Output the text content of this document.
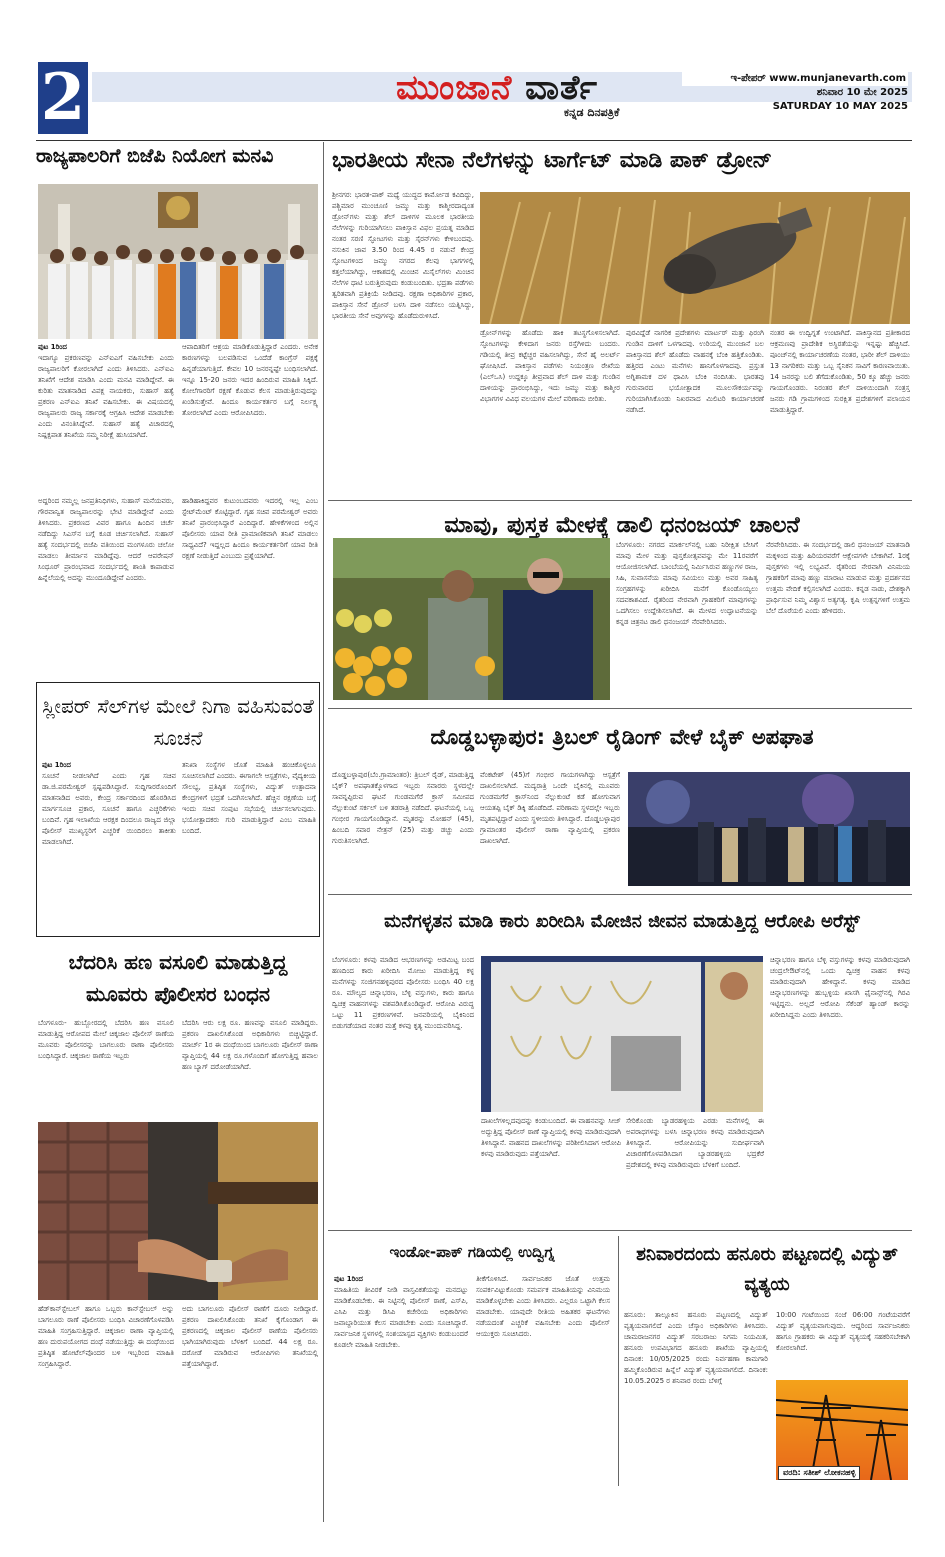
2	ಮುಂಜಾನೆ ವಾರ್ತೆ
ಕನ್ನಡ ದಿನಪತ್ರಿಕೆ
ಇ-ಪೇಪರ್ www.munjanevarth.com
ಶನಿವಾರ 10 ಮೇ 2025
SATURDAY 10 MAY 2025
ರಾಜ್ಯಪಾಲರಿಗೆ ಬಿಜೆಪಿ ನಿಯೋಗ ಮನವಿ
ಪುಟ 1ರಿಂದ

ಇದಾಗ್ಯೂ ಪ್ರಕರಣವನ್ನು ಎನ್‌ಐಎಗೆ ವಹಿಸಬೇಕು ಎಂದು ರಾಜ್ಯಪಾಲರಿಗೆ ಕೋರಲಾಗಿದೆ ಎಂದು ತಿಳಿಸಿದರು. ಎನ್‌ಐಎ ತನಿಖೆಗೆ ಆದೇಶ ಮಾಡಿಸಿ ಎಂದು ಮನವಿ ಮಾಡಿದ್ದೇವೆ. ಈ ಕುರಿತು ಮಾತನಾಡಿದ ವಿಪಕ್ಷ ನಾಯಕರು, ಸುಹಾಸ್ ಹತ್ಯೆ ಪ್ರಕರಣ ಎನ್‌ಐಎ ತನಿಖೆ ವಹಿಸಬೇಕು. ಈ ವಿಷಯದಲ್ಲಿ ರಾಜ್ಯಪಾಲರು ರಾಜ್ಯ ಸರ್ಕಾರಕ್ಕೆ ಆಗ್ರಹಿಸಿ ಆದೇಶ ಮಾಡಬೇಕು ಎಂದು ವಿನಂತಿಸಿದ್ದೇವೆ. ಸುಹಾಸ್ ಹತ್ಯೆ ವಿಚಾರದಲ್ಲಿ ನಿಷ್ಪಕ್ಷಪಾತ ತನಿಖೆಯ ಸಮ್ಮ ನಿರೀಕ್ಷೆ ಹುಸಿಯಾಗಿದೆ.

ಆಪಾದಿತರಿಗೆ ಆಶ್ರಯ ಮಾಡಿಕೊಡುತ್ತಿದ್ದಾರೆ ಎಂದರು. ಅನೇಕ ಕಾರಣಗಳನ್ನು ಬಲಪಡಿಸುವ ಒಂದೆಡೆ ಕಾಂಗ್ರೆಸ್ ಪಕ್ಷಕ್ಕೆ ಹಿನ್ನಡೆಯಾಗುತ್ತಿದೆ. ಕೇವಲ 10 ಜನರನ್ನಷ್ಟೇ ಬಂಧಿಸಲಾಗಿದೆ. ಇನ್ನೂ 15-20 ಜನರು ಇದರ ಹಿಂದಿರುವ ಮಾಹಿತಿ ಸಿಕ್ಕಿದೆ. ಕೋಲೆಗಾರರಿಗೆ ರಕ್ಷಣೆ ಕೊಡುವ ಕೆಲಸ ಮಾಡುತ್ತಿರುವುದನ್ನು ಖಂಡಿಸುತ್ತೇವೆ. ಹಿಂದೂ ಕಾರ್ಯಕರ್ತರ ಬಗ್ಗೆ ನಿರ್ಲಕ್ಷ್ಯ ತೋರಲಾಗಿದೆ ಎಂದು ಆರೋಪಿಸಿದರು.

ಅದ್ದರಿಂದ ನಮ್ಮಲ್ಲ ಜನಪ್ರತಿನಿಧಿಗಳು, ಸುಹಾಸ್ ಮನೆಯವರು, ಗೌರವಾನ್ವಿತ ರಾಜ್ಯಪಾಲರನ್ನು ಭೇಟಿ ಮಾಡಿದ್ದೇವೆ ಎಂದು ತಿಳಿಸಿದರು. ಪ್ರಕರಣದ ವಿವರ ಹಾಗೂ ಹಿಂದಿನ ಚರ್ಚೆ ನಡೆದಿದ್ದು ಸಿಎಸ್‌ನ ಬಗ್ಗೆ ಕೂಡ ಚರ್ಚಿಸಲಾಗಿದೆ. ಸುಹಾಸ್ ಹತ್ಯೆ ಸಂದರ್ಭದಲ್ಲಿ ಬಿಜೆಪಿ ವತಿಯಿಂದ ಮಂಗಳೂರು ಚಲೋ ಮಾಡಲು ತೀರ್ಮಾನ ಮಾಡಿದ್ದೆವು. ಆದರೆ ಆಪರೇಷನ್ ಸಿಂಧೂರ್ ಪ್ರಾರಂಭವಾದ ಸಂದರ್ಭದಲ್ಲಿ ಶಾಂತಿ ಕಾಪಾಡುವ ಹಿನ್ನೆಲೆಯಲ್ಲಿ ಅದನ್ನು ಮುಂದೂಡಿದ್ದೇವೆ ಎಂದರು.

ಹಾಡಿಹಾಕಿದ್ದವರ ಕುಟುಂಬದವರು ಇದರಲ್ಲಿ ಇಲ್ಲ ಎಂಬ ಸ್ಟೇಟ್‌ಮೆಂಟ್ ಕೊಟ್ಟಿದ್ದಾರೆ. ಗೃಹ ಸಚಿವ ಪರಮೇಶ್ವರ್ ಅವರು ತನಿಖೆ ಪ್ರಾರಂಭಿಸಿದ್ದಾರೆ ಎಂದಿದ್ದಾರೆ. ಹೇಳಿಕೆಗಳಿಂದ ಅಲ್ಲಿನ ಪೊಲೀಸರು ಯಾವ ರೀತಿ ಪ್ರಾಮಾಣಿಕವಾಗಿ ತನಿಖೆ ಮಾಡಲು ಸಾಧ್ಯವಿದೆ? ಇದ್ದಲ್ಲದ ಹಿಂದೂ ಕಾರ್ಯಕರ್ತರಿಗೆ ಯಾವ ರೀತಿ ರಕ್ಷಣೆ ನೀಡುತ್ತಿದೆ ಎಂಬುದು ಪ್ರಶ್ನೆಯಾಗಿದೆ.

ಸ್ಲೀಪರ್ ಸೆಲ್‌ಗಳ ಮೇಲೆ ನಿಗಾ ವಹಿಸುವಂತೆ ಸೂಚನೆ
ಪುಟ 1ರಿಂದ

ಸೂಚನೆ ನೀಡಲಾಗಿದೆ ಎಂದು ಗೃಹ ಸಚಿವ ಡಾ.ಜಿ.ಪರಮೇಶ್ವರ್ ಸ್ಪಷ್ಟಪಡಿಸಿದ್ದಾರೆ. ಸುದ್ದಿಗಾರರೊಂದಿಗೆ ಮಾತನಾಡಿದ ಅವರು, ಕೇಂದ್ರ ಸರ್ಕಾರದಿಂದ ಹೊರಡಿಸಿದ ಮಾರ್ಗಸೂಚಿ ಪ್ರಕಾರ, ಸೂಚನೆ ಹಾಗೂ ಎಚ್ಚರಿಕೆಗಳು ಬಂದಿವೆ. ಗೃಹ ಇಲಾಖೆಯ ಆರಕ್ಷಕ ದಿಂದಲೂ ರಾಜ್ಯದ ಜಿಲ್ಲಾ ಪೊಲೀಸ್ ಮುಖ್ಯಸ್ಥರಿಗೆ ಎಚ್ಚರಿಕೆ ಯಿಂದಿರಲು ತಾಕೀತು ಮಾಡಲಾಗಿದೆ.

ತನಿಖಾ ಸಂಸ್ಥೆಗಳ ಜೊತೆ ಮಾಹಿತಿ ಹಂಚಿಕೊಳ್ಳಲೂ ಸೂಚಿಸಲಾಗಿದೆ ಎಂದರು. ಈಗಾಗಲೇ ಆಸ್ಪತ್ರೆಗಳು, ವೈದ್ಯಕೀಯ ಸೌಲಭ್ಯ, ಪ್ರತಿಷ್ಠಿತ ಸಂಸ್ಥೆಗಳು, ವಿದ್ಯುತ್ ಉತ್ಪಾದನಾ ಕೇಂದ್ರಗಳಿಗೆ ಭದ್ರತೆ ಒದಗಿಸಲಾಗಿದೆ. ಹೆಚ್ಚಿನ ರಕ್ಷಣೆಯ ಬಗ್ಗೆ ಇಂದು ಸಚಿವ ಸಂಪುಟ ಸಭೆಯಲ್ಲಿ ಚರ್ಚಿಸಲಾಗುವುದು. ಭಯೋತ್ಪಾದಕರು ಗುರಿ ಮಾಡುತ್ತಿದ್ದಾರೆ ಎಂಬ ಮಾಹಿತಿ ಬಂದಿದೆ.

ಬೆದರಿಸಿ ಹಣ ವಸೂಲಿ ಮಾಡುತ್ತಿದ್ದ ಮೂವರು ಪೊಲೀಸರ ಬಂಧನ

ಬೆಂಗಳೂರು- ಹುಬ್ಬೋರದಲ್ಲಿ ಬೆದರಿಸಿ ಹಣ ವಸೂಲಿ ಮಾಡುತ್ತಿದ್ದ ಆರೋಪದ ಮೇಲೆ ಚಿಕ್ಕಜಾಲ ಪೊಲೀಸ್ ಠಾಣೆಯ ಮೂವರು ಪೊಲೀಸರನ್ನು ಬಾಗಲೂರು ಠಾಣಾ ಪೊಲೀಸರು ಬಂಧಿಸಿದ್ದಾರೆ. ಚಿಕ್ಕಜಾಲ ಠಾಣೆಯ ಇಬ್ಬರು

ಬೆದರಿಸಿ ಆರು ಲಕ್ಷ ರೂ. ಹಣವನ್ನು ವಸೂಲಿ ಮಾಡಿದ್ದರು. ಪ್ರಕರಣ ದಾಖಲಿಸಿಕೊಂಡ ಅಧಿಕಾರಿಗಳು ಬಿಚ್ಚಿಟ್ಟಿದ್ದಾರೆ. ಮಾರ್ಚ್ 1ರ ಈ ದಂಧೆಯಿಂದ ಬಾಗಲೂರು ಪೊಲೀಸ್ ಠಾಣಾ ವ್ಯಾಪ್ತಿಯಲ್ಲಿ 44 ಲಕ್ಷ ರೂ.ಗಳೊಂದಿಗೆ ಹೋಗುತ್ತಿದ್ದ ಹವಾಲ ಹಣ ಬ್ಯಾಗ್ ದರೋಡೆಯಾಗಿದೆ.

ಹೆಡ್‌ಕಾನ್‌ಸ್ಟೇಬಲ್ ಹಾಗೂ ಒಬ್ಬರು ಕಾನ್‌ಸ್ಟೇಬಲ್ ಅನ್ನು ಬಾಗಲೂರು ಠಾಣೆ ಪೊಲೀಸರು ಬಂಧಿಸಿ ವಿಚಾರಣೆಗೊಳಪಡಿಸಿ ಮಾಹಿತಿ ಸಂಗ್ರಹಿಸುತ್ತಿದ್ದಾರೆ. ಚಿಕ್ಕಜಾಲ ಠಾಣಾ ವ್ಯಾಪ್ತಿಯಲ್ಲಿ ಹಣ ದುರುಪಯೋಗದ ದಂಧೆ ನಡೆಯುತ್ತಿದ್ದು ಈ ದಂಧೆಯಿಂದ ಪ್ರತಿಷ್ಠಿತ ಹೋಟೆಲ್‌ವೊಂದರ ಬಳಿ ಇಬ್ಬರಿಂದ ಮಾಹಿತಿ ಸಂಗ್ರಹಿಸಿದ್ದಾರೆ.

ಅದು ಬಾಗಲೂರು ಪೊಲೀಸ್ ಠಾಣೆಗೆ ದೂರು ನೀಡಿದ್ದಾರೆ. ಪ್ರಕರಣ ದಾಖಲಿಸಿಕೊಂಡು ತನಿಖೆ ಕೈಗೊಂಡಾಗ ಈ ಪ್ರಕರಣದಲ್ಲಿ ಚಿಕ್ಕಜಾಲ ಪೊಲೀಸ್ ಠಾಣೆಯ ಪೊಲೀಸರು ಭಾಗಿಯಾಗಿರುವುದು ಬೆಳಕಿಗೆ ಬಂದಿದೆ. 44 ಲಕ್ಷ ರೂ. ದರೋಡೆ ಮಾಡಿರುವ ಆರೋಪಿಗಳು ತನಿಖೆಯಲ್ಲಿ ಪತ್ತೆಯಾಗಿದ್ದಾರೆ.

ಭಾರತೀಯ ಸೇನಾ ನೆಲೆಗಳನ್ನು ಟಾರ್ಗೆಟ್ ಮಾಡಿ ಪಾಕ್ ಡ್ರೋನ್

ಶ್ರೀನಗರ: ಭಾರತ-ಪಾಕ್ ಮಧ್ಯೆ ಯುದ್ಧದ ಕಾರ್ಮೋಡ ಕವಿದಿದ್ದು, ಪಶ್ಚಿಮಾರ ಮುಂಚೂಣಿ ಜಮ್ಮು ಮತ್ತು ಕಾಶ್ಮೀರದಾದ್ಯಂತ ಡ್ರೋನ್‌ಗಳು ಮತ್ತು ಶೆಲ್ ದಾಳಿಗಳ ಮೂಲಕ ಭಾರತೀಯ ನೆಲೆಗಳನ್ನು ಗುರಿಯಾಗಿಸಲು ಪಾಕಿಸ್ತಾನ ವಿಫಲ ಪ್ರಯತ್ನ ಮಾಡಿದ ನಂತರ ಸರಣಿ ಸ್ಫೋಟಗಳು ಮತ್ತು ಸೈರನ್‌ಗಳು ಕೇಳಿಬಂದವು. ನಸುಕಿನ ಜಾವ 3.50 ರಿಂದ 4.45 ರ ನಡುವೆ ಕೇಂದ್ರ ಸ್ಫೋಟಗಳಿಂದ ಜಮ್ಮು ನಗರದ ಕೆಲವು ಭಾಗಗಳಲ್ಲಿ ಕತ್ತಲೆಯಾಗಿದ್ದು, ಆಕಾಶದಲ್ಲಿ ಮಿಂಚಿನ ಮಿಸೈಲ್‌ಗಳು ಮಿಂಚಿನ ನೆಲೆಗಳ ಧಾಟಿ ಬರುತ್ತಿರುವುದು ಕಂಡುಬಂದಿತು. ಭದ್ರತಾ ಪಡೆಗಳು ತ್ವರಿತವಾಗಿ ಪ್ರತಿಕ್ರಿಯೆ ನೀಡಿದವು. ರಕ್ಷಣಾ ಅಧಿಕಾರಿಗಳ ಪ್ರಕಾರ, ಪಾಕಿಸ್ತಾನ ಸೇನೆ ಡ್ರೋನ್ ಬಳಸಿ ದಾಳಿ ನಡೆಸಲು ಯತ್ನಿಸಿದ್ದು, ಭಾರತೀಯ ಸೇನೆ ಅವುಗಳನ್ನು ಹೊಡೆದುರುಳಿಸಿದೆ.

ಡ್ರೋನ್‌ಗಳನ್ನು ಹೊಡೆದು ಹಾಕಿ ತಟಸ್ಥಗೊಳಿಸಲಾಗಿದೆ. ಸ್ಫೋಟಗಳನ್ನು ಕೇಳಿದಾಗ ಜನರು ರಸ್ತೆಗಿಳಿದು ಬಂದರು. ಗಡಿಯಲ್ಲಿ ತೀವ್ರ ಕಟ್ಟೆಚ್ಚರ ವಹಿಸಲಾಗಿದ್ದು, ಸೇನೆ ಹೈ ಅಲರ್ಟ್ ಘೋಷಿಸಿದೆ. ಪಾಕಿಸ್ತಾನ ಪಡೆಗಳು ನಿಯಂತ್ರಣ ರೇಖೆಯ (ಎಲ್‌ಒಸಿ) ಉದ್ದಕ್ಕೂ ತೀವ್ರವಾದ ಶೆಲ್ ದಾಳಿ ಮತ್ತು ಗುಂಡಿನ ದಾಳಿಯನ್ನು ಪ್ರಾರಂಭಿಸಿದ್ದು, ಇದು ಜಮ್ಮು ಮತ್ತು ಕಾಶ್ಮೀರ ವಿಭಾಗಗಳ ವಿವಿಧ ವಲಯಗಳ ಮೇಲೆ ಪರಿಣಾಮ ಬೀರಿತು.

ಪುರವಿದ್ದೆಡೆ ನಾಗರಿಕ ಪ್ರದೇಶಗಳು ಮಾರ್ಟರ್ ಮತ್ತು ಫಿರಂಗಿ ಗುಂಡಿನ ದಾಳಿಗೆ ಒಳಗಾದವು. ಉರಿಯಲ್ಲಿ ಮುಂಜಾನೆ ಬಲ ಪಾಕಿಸ್ತಾನದ ಶೆಲ್ ಹೊಡೆದು ವಾಹನಕ್ಕೆ ಬೆಂಕಿ ಹತ್ತಿಕೊಂಡಿತು. ಹತ್ತಿರದ ಎಂಟು ಮನೆಗಳು ಹಾನಿಗೊಳಗಾದವು. ಪ್ರಸ್ತುತ ಅಗ್ನಿಶಾಮಕ ದಳ ಧಾವಿಸಿ ಬೆಂಕಿ ನಂದಿಸಿತು. ಭಾರತವು ಗುರುವಾರದ ಭಯೋತ್ಪಾದಕ ಮೂಲಸೌಕರ್ಯವನ್ನು ಗುರಿಯಾಗಿಸಿಕೊಂಡು ನಿಖರವಾದ ಮಿಲಿಟರಿ ಕಾರ್ಯಾಚರಣೆ ನಡೆಸಿದೆ.

ನಂತರ ಈ ಉದ್ವಿಗ್ನತೆ ಉಂಟಾಗಿದೆ. ಪಾಕಿಸ್ತಾನದ ಪ್ರತೀಕಾರದ ಆಕ್ರಮಣವು ಪ್ರಾದೇಶಿಕ ಅಸ್ಥಿರತೆಯನ್ನು ಇನ್ನಷ್ಟು ಹೆಚ್ಚಿಸಿದೆ. ಪೂಂಚ್‌ನಲ್ಲಿ ಕಾರ್ಯಾಚರಣೆಯ ನಂತರ, ಭಾರೀ ಶೆಲ್ ದಾಳಿಯು 13 ನಾಗರಿಕರು ಮತ್ತು ಒಬ್ಬ ಸೈನಿಕನ ಸಾವಿಗೆ ಕಾರಣವಾಯಿತು. 14 ಜನರನ್ನು ಬಲಿ ತೆಗೆದುಕೊಂಡಿತು, 50 ಕ್ಕೂ ಹೆಚ್ಚು ಜನರು ಗಾಯಗೊಂಡರು. ನಿರಂತರ ಶೆಲ್ ದಾಳಿಯಿಂದಾಗಿ ಸಂತ್ರಸ್ತ ಜನರು ಗಡಿ ಗ್ರಾಮಗಳಿಂದ ಸುರಕ್ಷಿತ ಪ್ರದೇಶಗಳಿಗೆ ಪಲಾಯನ ಮಾಡುತ್ತಿದ್ದಾರೆ.

ಮಾವು, ಪುಸ್ತಕ ಮೇಳಕ್ಕೆ ಡಾಲಿ ಧನಂಜಯ್ ಚಾಲನೆ

ಬೆಂಗಳೂರು: ನಗರದ ಮಾರ್ಕಲ್‌ನಲ್ಲಿ ಬಹು ನಿರೀಕ್ಷಿತ ಬೇಸಿಗೆ ಮಾವು ಮೇಳ ಮತ್ತು ಪುಸ್ತಕೋತ್ಸವವನ್ನು ಮೇ 11ರವರೆಗೆ ಆಯೋಜಿಸಲಾಗಿದೆ. ಬಾಂಬೆಯಲ್ಲಿ ನಿರ್ಮಿಸಿರುವ ಹಣ್ಣುಗಳ ರಾಜ, ಸಿಹಿ, ಸುವಾಸನೆಯ ಮಾವು ಸವಿಯಲು ಮತ್ತು ಅವರ ಸಾಹಿತ್ಯ ಸಂಗ್ರಹಗಳನ್ನು ಖರೀದಿಸಿ ಮನೆಗೆ ಕೊಂಡೊಯ್ಯಲು ಸದವಕಾಶವಿದೆ. ರೈತರಿಂದ ನೇರವಾಗಿ ಗ್ರಾಹಕರಿಗೆ ಮಾವುಗಳನ್ನು ಒದಗಿಸಲು ಉದ್ದೇಶಿಸಲಾಗಿದೆ. ಈ ಮೇಳದ ಉದ್ಘಾಟನೆಯನ್ನು ಕನ್ನಡ ಚಿತ್ರನಟ ಡಾಲಿ ಧನಂಜಯ್ ನೆರವೇರಿಸಿದರು.

ನೆರವೇರಿಸಿದರು. ಈ ಸಂದರ್ಭದಲ್ಲಿ ಡಾಲಿ ಧನಂಜಯ್ ಮಾತನಾಡಿ ಮಕ್ಕಳಿಂದ ಮತ್ತು ಹಿರಿಯರವರೆಗೆ ಆಕ್ಷೇಪಗಳೇ ಬೇಕಾಗಿವೆ. 1ರಕ್ಕೆ ಪುಸ್ತಕಗಳು ಇಲ್ಲಿ ಲಭ್ಯವಿವೆ. ರೈತರಿಂದ ನೇರವಾಗಿ ವಿನಿಮಯ ಗ್ರಾಹಕರಿಗೆ ಮಾವು ಹಣ್ಣು ಮಾರಾಟ ಮಾಡುವ ಮತ್ತು ಪ್ರದರ್ಶನದ ಉತ್ತಮ ವೇದಿಕೆ ಕಲ್ಪಿಸಲಾಗಿದೆ ಎಂದರು. ಕನ್ನಡ ನಾಡು, ದೇಶಕ್ಕಾಗಿ ಪ್ರಾರ್ಥಿಸುವ ನಿಮ್ಮ ವಿಶ್ವಾಸ ಅತ್ಯಗತ್ಯ. ಕೃಷಿ ಉತ್ಪನ್ನಗಳಿಗೆ ಉತ್ತಮ ಬೆಲೆ ದೊರೆಯಲಿ ಎಂದು ಹೇಳಿದರು.

ದೊಡ್ಡಬಳ್ಳಾಪುರ: ತ್ರಿಬಲ್ ರೈಡಿಂಗ್ ವೇಳೆ ಬೈಕ್ ಅಪಘಾತ

ದೊಡ್ಡಬಳ್ಳಾಪುರ(ಬೆಂ.ಗ್ರಾಮಾಂತರ): ತ್ರಿಬಲ್ ರೈಡ್, ಮಾಡುತ್ತಿದ್ದ ಬೈಕ್? ಅಪಘಾತಕ್ಕೊಳಗಾದ ಇಬ್ಬರು ಸವಾರರು ಸ್ಥಳದಲ್ಲೇ ಸಾವನ್ನಪ್ಪಿರುವ ಘಟನೆ ಗುಂಡಮಗೆರೆ ಕ್ರಾಸ್ ಸಮೀಪದ ನೆಲ್ಲುಕುಂಟೆ ಸರ್ಕಲ್ ಬಳಿ ತಡರಾತ್ರಿ ನಡೆದಿದೆ. ಘಟನೆಯಲ್ಲಿ ಒಬ್ಬ ಗಂಭೀರ ಗಾಯಗೊಂಡಿದ್ದಾನೆ. ಮೃತರನ್ನು ಮೋಹನ್ (45), ಹಿಂಬದಿ ಸವಾರ ನೇತ್ರನ್ (25) ಮತ್ತು ಡಚ್ಚು ಎಂದು ಗುರುತಿಸಲಾಗಿದೆ.

ವೆಂಕಟೇಶ್ (45)ಗೆ ಗಂಭೀರ ಗಾಯಗಳಾಗಿದ್ದು ಆಸ್ಪತ್ರೆಗೆ ದಾಖಲಿಸಲಾಗಿದೆ. ಮದ್ಯರಾತ್ರಿ ಒಂದೇ ಬೈಕಿನಲ್ಲಿ ಮೂವರು ಗುಂಡಮಗೆರೆ ಕ್ರಾಸ್‌ನಿಂದ ನೆಲ್ಲುಕುಂಟೆ ಕಡೆ ಹೋಗುವಾಗ ಆಯತಪ್ಪಿ ಬೈಕ್ ಡಿಕ್ಕಿ ಹೊಡೆದಿದೆ. ಪರಿಣಾಮ ಸ್ಥಳದಲ್ಲೇ ಇಬ್ಬರು ಮೃತಪಟ್ಟಿದ್ದಾರೆ ಎಂದು ಸ್ಥಳೀಯರು ತಿಳಿಸಿದ್ದಾರೆ. ದೊಡ್ಡಬಳ್ಳಾಪುರ ಗ್ರಾಮಾಂತರ ಪೊಲೀಸ್ ಠಾಣಾ ವ್ಯಾಪ್ತಿಯಲ್ಲಿ ಪ್ರಕರಣ ದಾಖಲಾಗಿದೆ.

ಮನೆಗಳ್ಳತನ ಮಾಡಿ ಕಾರು ಖರೀದಿಸಿ ಮೋಜಿನ ಜೀವನ ಮಾಡುತ್ತಿದ್ದ ಆರೋಪಿ ಅರೆಸ್ಟ್

ಬೆಂಗಳೂರು: ಕಳವು ಮಾಡಿದ ಆಭರಣಗಳನ್ನು ಅಡಮಿಟ್ಟ ಬಂದ ಹಣದಿಂದ ಕಾರು ಖರೀದಿಸಿ ಮೋಜು ಮಾಡುತ್ತಿದ್ದ ಕಳ್ಳ ಮನೆಗಳನ್ನು ಸಂಜಿಗನಹಳ್ಳಿಪುರದ ಪೊಲೀಸರು ಬಂಧಿಸಿ 40 ಲಕ್ಷ ರೂ. ಮೌಲ್ಯದ ಚಿನ್ನಾಭರಣ, ಬೆಳ್ಳಿ ವಸ್ತುಗಳು, ಕಾರು ಹಾಗೂ ದ್ವಿಚಕ್ರ ವಾಹನಗಳನ್ನು ವಶಪಡಿಸಿಕೊಂಡಿದ್ದಾರೆ. ಆರೋಪಿ ವಿರುದ್ಧ ಒಟ್ಟು 11 ಪ್ರಕರಣಗಳಿವೆ. ಜನವರಿಯಲ್ಲಿ ಬೈಕಿನಿಂದ ಬಿಡುಗಡೆಯಾದ ನಂತರ ಮತ್ತೆ ಕಳವು ಕೃತ್ಯ ಮುಂದುವರಿಸಿದ್ದ.

ದಾಖಲೆಗಳಿಲ್ಲದವುದನ್ನು ಕಂಡುಬಂದಿದೆ. ಈ ವಾಹನವನ್ನು ಸೀಜ್ ಅದ್ದುತ್ತಿದ್ದ ಪೊಲೀಸ್ ಠಾಣೆ ವ್ಯಾಪ್ತಿಯಲ್ಲಿ ಕಳವು ಮಾಡಿರುವುದಾಗಿ ತಿಳಿಸಿದ್ದಾನೆ. ವಾಹನದ ದಾಖಲೆಗಳನ್ನು ಪರಿಶೀಲಿಸಿದಾಗ ಆರೋಪಿ ಕಳವು ಮಾಡಿರುವುದು ಪತ್ತೆಯಾಗಿದೆ.

ಸೇರಿಕೊಂಡು ಬ್ಯಾಡರಹಳ್ಳಿಯ ಎರಡು ಮನೆಗಳಲ್ಲಿ ಈ ಅಪರಾಧಗಳನ್ನು ಬಳಸಿ ಚಿನ್ನಾಭರಣ ಕಳವು ಮಾಡಿರುವುದಾಗಿ ತಿಳಿಸಿದ್ದಾನೆ. ಆರೋಪಿಯನ್ನು ಸುದೀರ್ಘವಾಗಿ ವಿಚಾರಣೆಗೊಳಪಡಿಸಿದಾಗ ಬ್ಯಾಡರಹಳ್ಳಿಯ ಭದ್ರಕೆರೆ ಪ್ರದೇಶದಲ್ಲಿ ಕಳವು ಮಾಡಿರುವುದು ಬೆಳಕಿಗೆ ಬಂದಿದೆ.

ಚಿನ್ನಾಭರಣ ಹಾಗೂ ಬೆಳ್ಳಿ ವಸ್ತುಗಳನ್ನು ಕಳವು ಮಾಡಿರುವುದಾಗಿ ಚಂದ್ರಲೇಔಟ್‌ನಲ್ಲಿ ಒಂದು ದ್ವಿಚಕ್ರ ವಾಹನ ಕಳವು ಮಾಡಿರುವುದಾಗಿ ಹೇಳಿದ್ದಾನೆ. ಕಳವು ಮಾಡಿದ ಚಿನ್ನಾಭರಣಗಳನ್ನು ಹುಬ್ಬಳ್ಳಿಯ ಖಾಸಗಿ ಫೈನಾನ್ಸ್‌ನಲ್ಲಿ ಗಿರವಿ ಇಟ್ಟಿದ್ದನು. ಅಲ್ಲದೆ ಆರೋಪಿ ಸೆಕೆಂಡ್ ಹ್ಯಾಂಡ್ ಕಾರನ್ನು ಖರೀದಿಸಿದ್ದನು ಎಂದು ತಿಳಿಸಿದರು.

ಇಂಡೋ-ಪಾಕ್ ಗಡಿಯಲ್ಲಿ ಉದ್ವಿಗ್ನ
ಪುಟ 1ರಿಂದ

ಮಾಹಿತಿಯ ತೀವಿರಕೆ ನೀಡಿ ವಾಸ್ತವಿಕತೆಯನ್ನು ಮನದಟ್ಟು ಮಾಡಿಕೊಡಬೇಕು. ಈ ನಿಟ್ಟಿನಲ್ಲಿ ಪೊಲೀಸ್ ಠಾಣೆ, ಎಸ್‌ಪಿ, ಎಸಿಪಿ ಮತ್ತು ಡಿಸಿಪಿ ಕಚೇರಿಯ ಅಧಿಕಾರಿಗಳು ಜವಾಬ್ದಾರಿಯುತ ಕೆಲಸ ಮಾಡಬೇಕು ಎಂದು ಸೂಚಿಸಿದ್ದಾರೆ. ಸಾರ್ವಜನಿಕ ಸ್ಥಳಗಳಲ್ಲಿ ಸಂಶಯಾಸ್ಪದ ವ್ಯಕ್ತಿಗಳು ಕಂಡುಬಂದರೆ ಕೂಡಲೇ ಮಾಹಿತಿ ನೀಡಬೇಕು.

ತೀಕೆಗೊಳಿಸಿದೆ. ಸಾರ್ವಜನಿಕರ ಜೊತೆ ಉತ್ತಮ ಸಂಪರ್ಕವಿಟ್ಟುಕೊಂಡು ಸಮರ್ಪಕ ಮಾಹಿತಿಯನ್ನು ವಿನಿಮಯ ಮಾಡಿಕೊಳ್ಳಬೇಕು ಎಂದು ತಿಳಿಸಿದರು. ಎಲ್ಲರೂ ಒಟ್ಟಾಗಿ ಕೆಲಸ ಮಾಡಬೇಕು. ಯಾವುದೇ ರೀತಿಯ ಅಹಿತಕರ ಘಟನೆಗಳು ನಡೆಯದಂತೆ ಎಚ್ಚರಿಕೆ ವಹಿಸಬೇಕು ಎಂದು ಪೊಲೀಸ್ ಆಯುಕ್ತರು ಸೂಚಿಸಿದರು.

ಶನಿವಾರದಂದು ಹನೂರು ಪಟ್ಟಣದಲ್ಲಿ ವಿದ್ಯುತ್ ವ್ಯತ್ಯಯ

ಹನೂರು: ತಾಲ್ಲೂಕಿನ ಹನೂರು ಪಟ್ಟಣದಲ್ಲಿ ವಿದ್ಯುತ್ ವ್ಯತ್ಯಯವಾಗಲಿದೆ ಎಂದು ಚೆಸ್ಕಾಂ ಅಧಿಕಾರಿಗಳು ತಿಳಿಸಿದರು. ಚಾಮರಾಜನಗರ ವಿದ್ಯುತ್ ಸರಬರಾಜು ನಿಗಮ ನಿಯಮಿತ, ಹನೂರು ಉಪವಿಭಾಗದ ಹನೂರು ಶಾಖೆಯ ವ್ಯಾಪ್ತಿಯಲ್ಲಿ ದಿನಾಂಕ: 10/05/2025 ರಂದು ನಿರ್ವಹಣಾ ಕಾಮಗಾರಿ ಹಮ್ಮಿಕೊಂಡಿರುವ ಹಿನ್ನೆಲೆ ವಿದ್ಯುತ್ ವ್ಯತ್ಯಯವಾಗಲಿದೆ. ದಿನಾಂಕ: 10.05.2025 ರ ಶನಿವಾರ ರಂದು ಬೆಳಿಗ್ಗೆ

10:00 ಗಂಟೆಯಿಂದ ಸಂಜೆ 06:00 ಗಂಟೆಯವರೆಗೆ ವಿದ್ಯುತ್ ವ್ಯತ್ಯಯವಾಗುವುದು. ಆದ್ದರಿಂದ ಸಾರ್ವಜನಿಕರು ಹಾಗೂ ಗ್ರಾಹಕರು ಈ ವಿದ್ಯುತ್ ವ್ಯತ್ಯಯಕ್ಕೆ ಸಹಕರಿಸಬೇಕಾಗಿ ಕೋರಲಾಗಿದೆ.

ವರದಿ: ಸತೀಶ್ ಲೋಕನಹಳ್ಳಿ
